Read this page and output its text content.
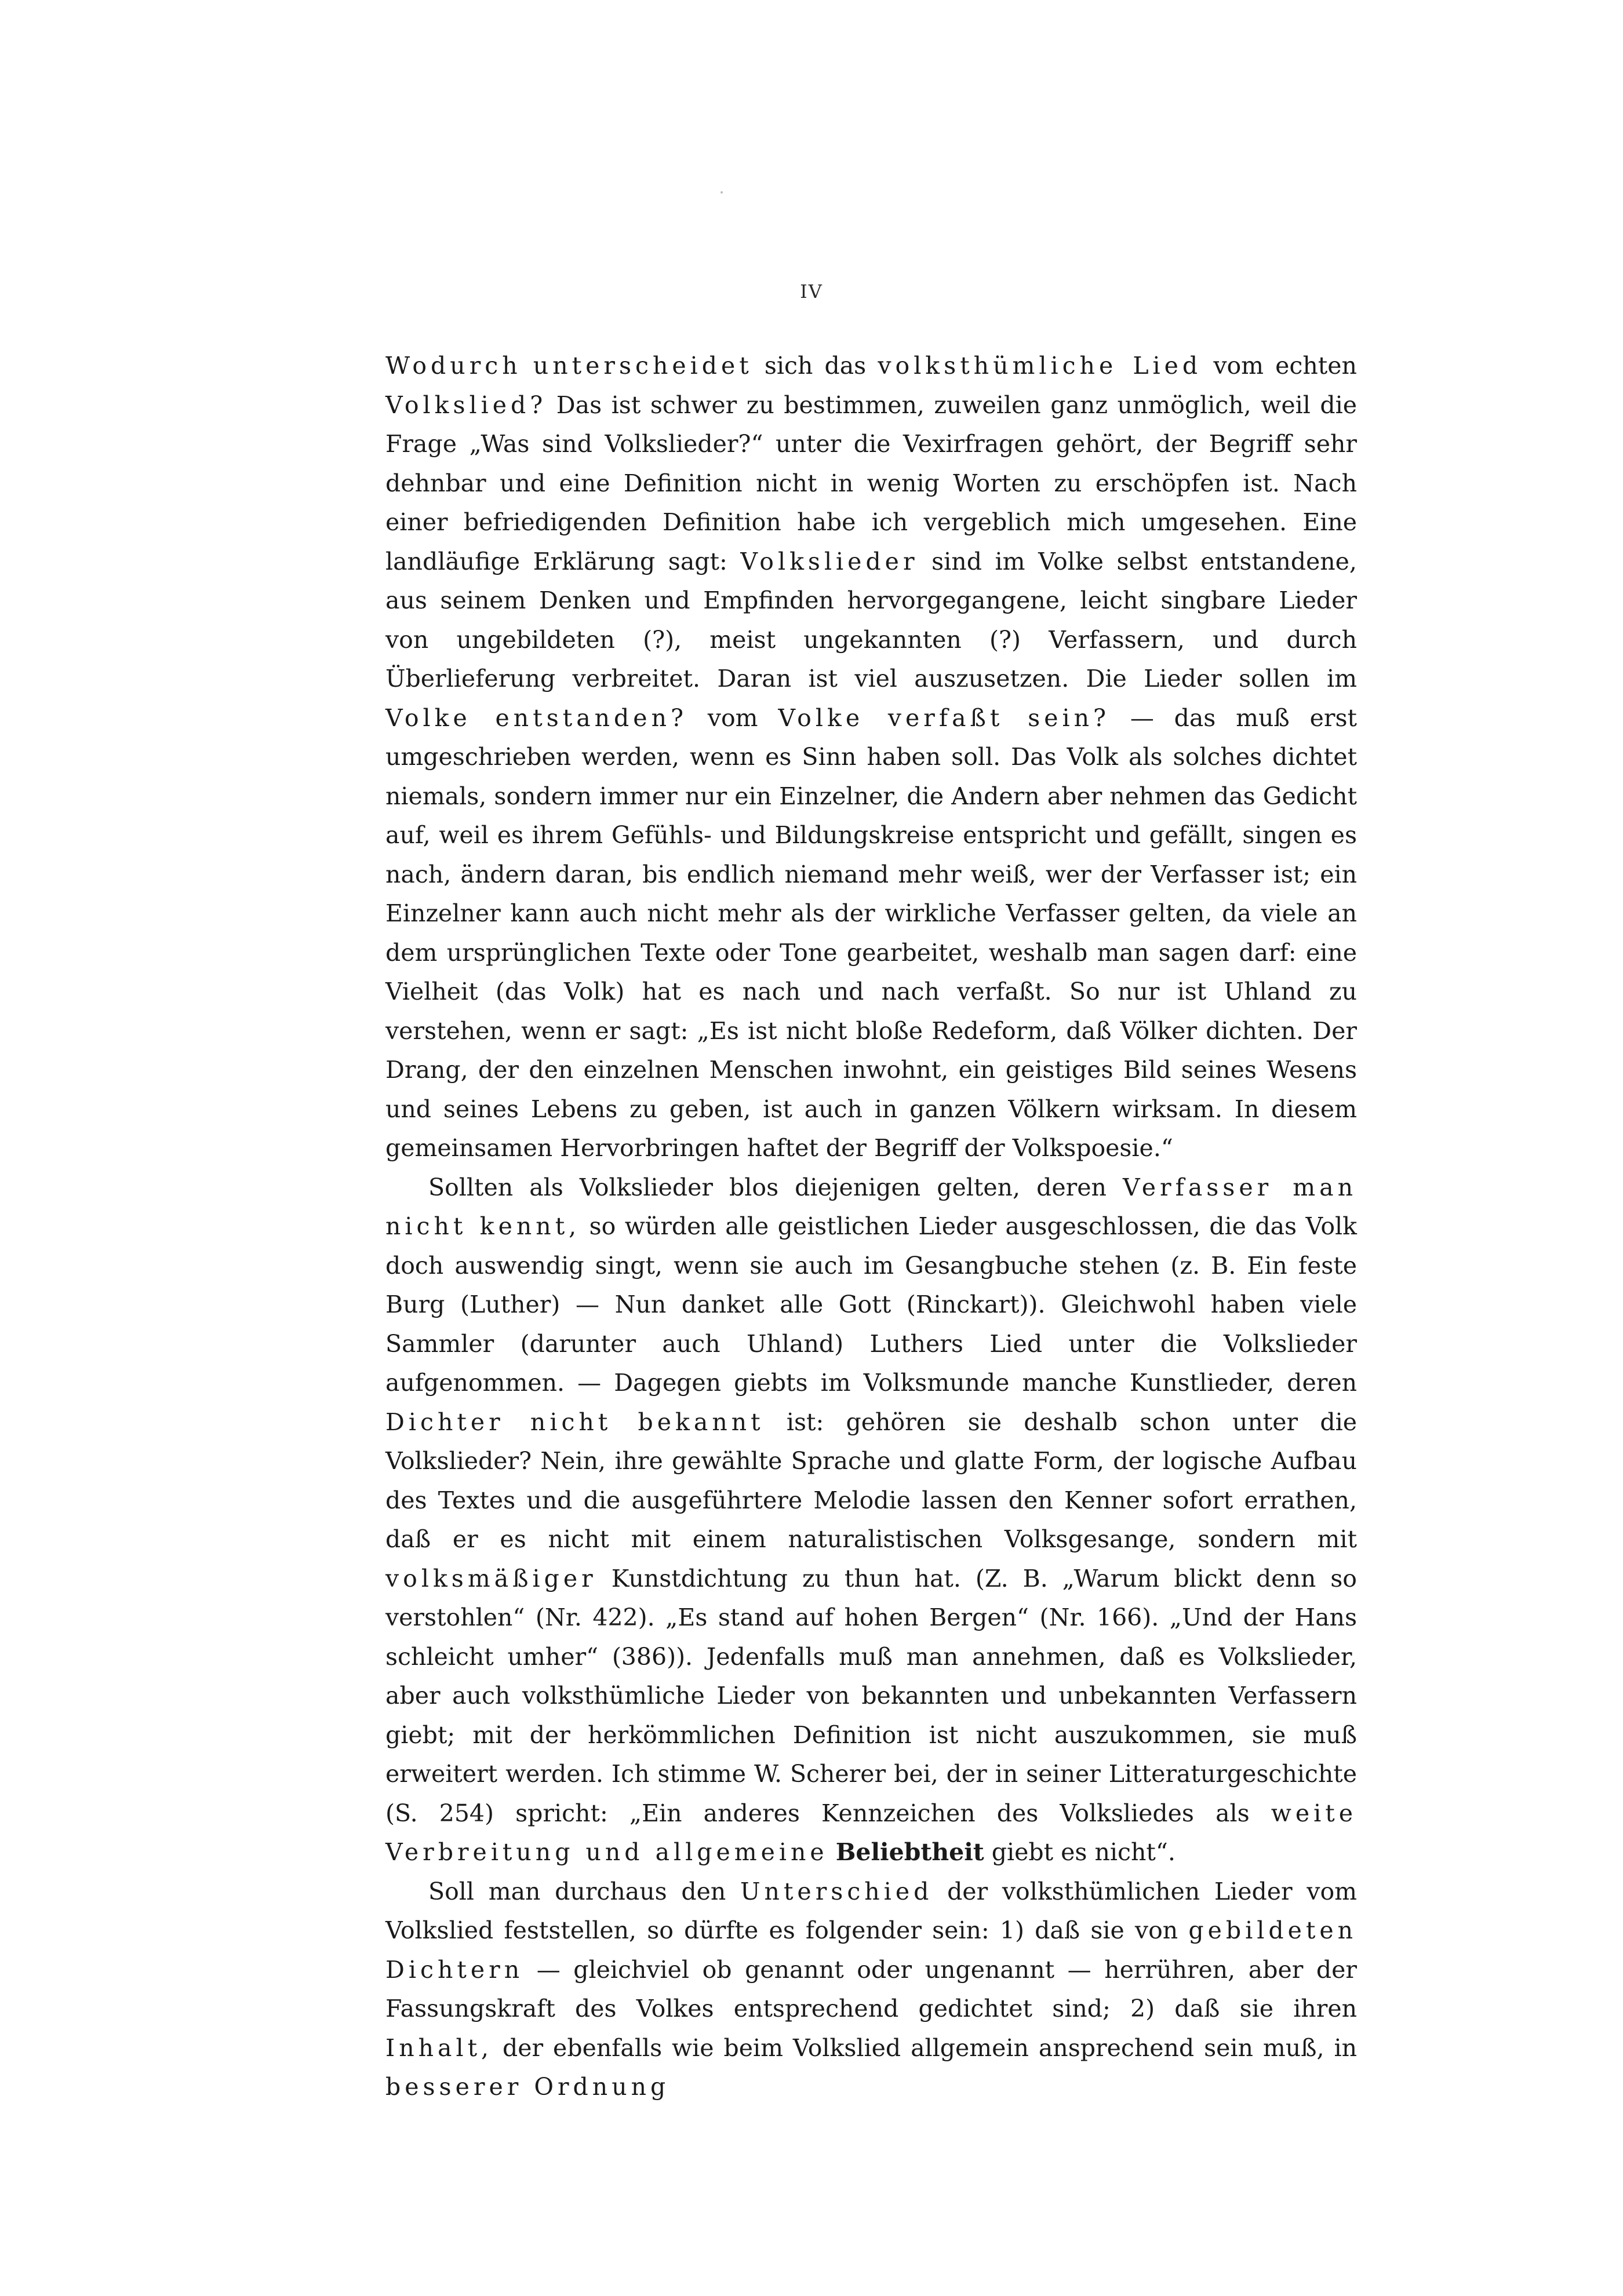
IV

Wodurch unterscheidet sich das volksthümliche Lied vom echten Volkslied? Das ist schwer zu bestimmen, zuweilen ganz unmöglich, weil die Frage „Was sind Volkslieder?“ unter die Vexirfragen gehört, der Begriff sehr dehnbar und eine Definition nicht in wenig Worten zu erschöpfen ist. Nach einer befriedigenden Definition habe ich vergeblich mich umgesehen. Eine landläufige Erklärung sagt: Volkslieder sind im Volke selbst entstandene, aus seinem Denken und Empfinden hervorgegangene, leicht singbare Lieder von ungebildeten (?), meist ungekannten (?) Verfassern, und durch Überlieferung verbreitet. Daran ist viel auszusetzen. Die Lieder sollen im Volke entstanden? vom Volke verfaßt sein? — das muß erst umgeschrieben werden, wenn es Sinn haben soll. Das Volk als solches dichtet niemals, sondern immer nur ein Einzelner, die Andern aber nehmen das Gedicht auf, weil es ihrem Gefühls- und Bildungskreise entspricht und gefällt, singen es nach, ändern daran, bis endlich niemand mehr weiß, wer der Verfasser ist; ein Einzelner kann auch nicht mehr als der wirkliche Verfasser gelten, da viele an dem ursprünglichen Texte oder Tone gearbeitet, weshalb man sagen darf: eine Vielheit (das Volk) hat es nach und nach verfaßt. So nur ist Uhland zu verstehen, wenn er sagt: „Es ist nicht bloße Redeform, daß Völker dichten. Der Drang, der den einzelnen Menschen inwohnt, ein geistiges Bild seines Wesens und seines Lebens zu geben, ist auch in ganzen Völkern wirksam. In diesem gemeinsamen Hervorbringen haftet der Begriff der Volkspoesie.“

Sollten als Volkslieder blos diejenigen gelten, deren Verfasser man nicht kennt, so würden alle geistlichen Lieder ausgeschlossen, die das Volk doch auswendig singt, wenn sie auch im Gesangbuche stehen (z. B. Ein feste Burg (Luther) — Nun danket alle Gott (Rinckart)). Gleichwohl haben viele Sammler (darunter auch Uhland) Luthers Lied unter die Volkslieder aufgenommen. — Dagegen giebts im Volksmunde manche Kunstlieder, deren Dichter nicht bekannt ist: gehören sie deshalb schon unter die Volkslieder? Nein, ihre gewählte Sprache und glatte Form, der logische Aufbau des Textes und die ausgeführtere Melodie lassen den Kenner sofort errathen, daß er es nicht mit einem naturalistischen Volksgesange, sondern mit volksmäßiger Kunstdichtung zu thun hat. (Z. B. „Warum blickt denn so verstohlen“ (Nr. 422). „Es stand auf hohen Bergen“ (Nr. 166). „Und der Hans schleicht umher“ (386)). Jedenfalls muß man annehmen, daß es Volkslieder, aber auch volksthümliche Lieder von bekannten und unbekannten Verfassern giebt; mit der herkömmlichen Definition ist nicht auszukommen, sie muß erweitert werden. Ich stimme W. Scherer bei, der in seiner Litteraturgeschichte (S. 254) spricht: „Ein anderes Kennzeichen des Volksliedes als weite Verbreitung und allgemeine Beliebtheit giebt es nicht“.

Soll man durchaus den Unterschied der volksthümlichen Lieder vom Volkslied feststellen, so dürfte es folgender sein: 1) daß sie von gebildeten Dichtern — gleichviel ob genannt oder ungenannt — herrühren, aber der Fassungskraft des Volkes entsprechend gedichtet sind; 2) daß sie ihren Inhalt, der ebenfalls wie beim Volkslied allgemein ansprechend sein muß, in besserer Ordnung
